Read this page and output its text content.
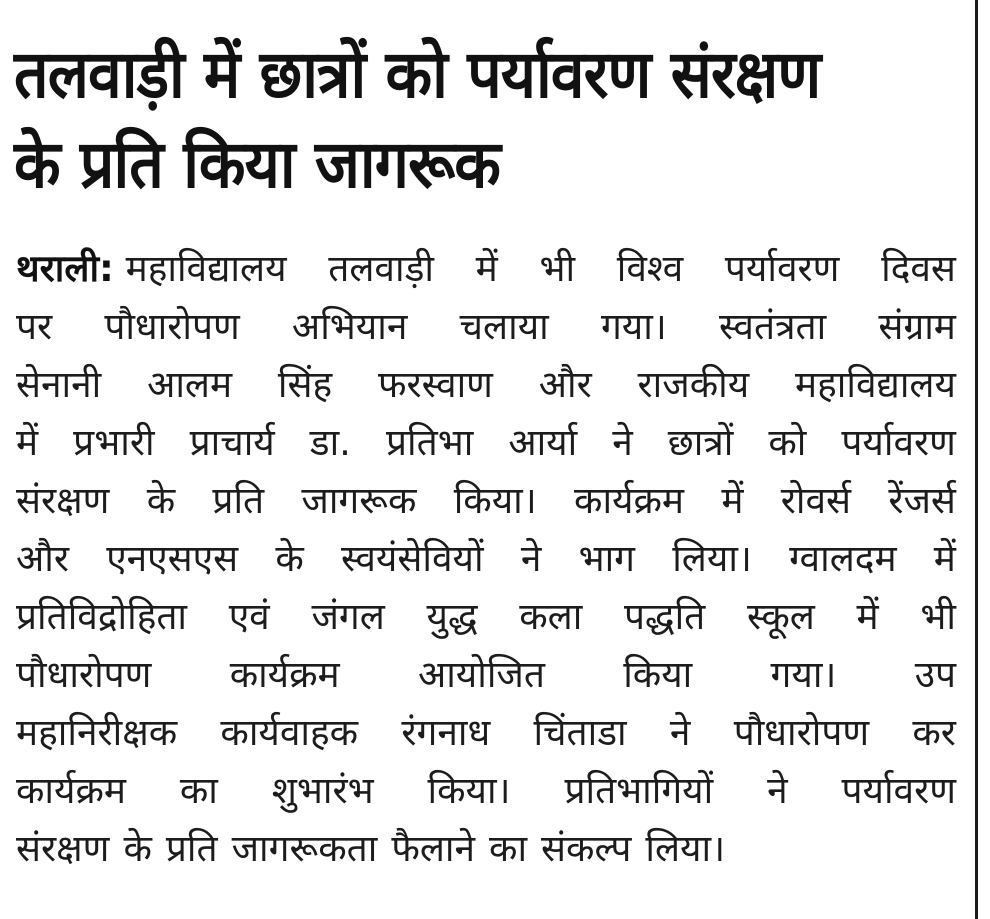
तलवाड़ी में छात्रों को पर्यावरण संरक्षण
के प्रति किया जागरूक
थराली: महाविद्यालय तलवाड़ी में भी विश्व पर्यावरण दिवस
पर पौधारोपण अभियान चलाया गया। स्वतंत्रता संग्राम
सेनानी आलम सिंह फरस्वाण और राजकीय महाविद्यालय
में प्रभारी प्राचार्य डा. प्रतिभा आर्या ने छात्रों को पर्यावरण
संरक्षण के प्रति जागरूक किया। कार्यक्रम में रोवर्स रेंजर्स
और एनएसएस के स्वयंसेवियों ने भाग लिया। ग्वालदम में
प्रतिविद्रोहिता एवं जंगल युद्ध कला पद्धति स्कूल में भी
पौधारोपण कार्यक्रम आयोजित किया गया। उप
महानिरीक्षक कार्यवाहक रंगनाध चिंताडा ने पौधारोपण कर
कार्यक्रम का शुभारंभ किया। प्रतिभागियों ने पर्यावरण
संरक्षण के प्रति जागरूकता फैलाने का संकल्प लिया।
